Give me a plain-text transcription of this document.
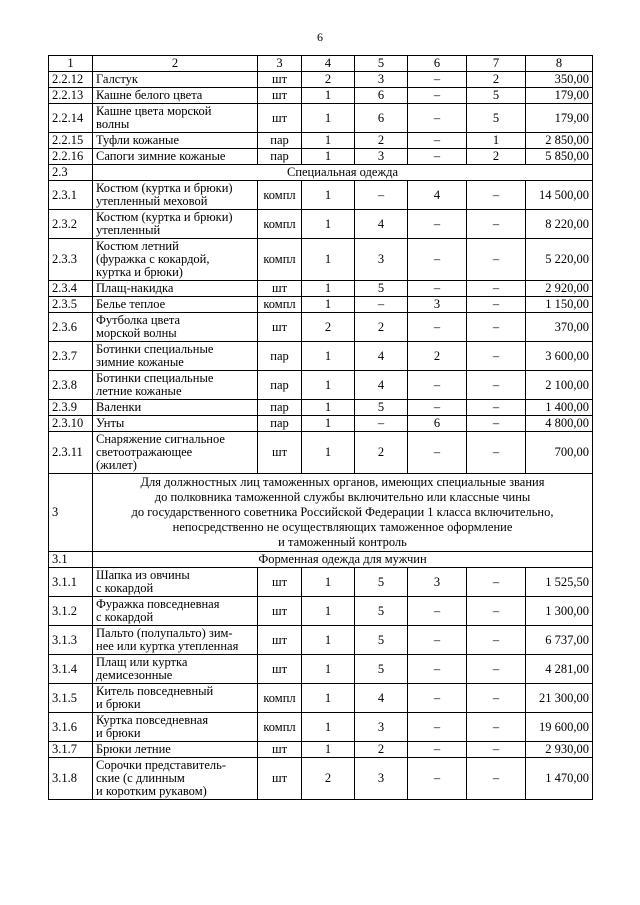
6
1	2	3	4	5	6	7	8
2.2.12	Галстук	шт	2	3	–	2	350,00
2.2.13	Кашне белого цвета	шт	1	6	–	5	179,00
2.2.14	Кашне цвета морской
волны	шт	1	6	–	5	179,00
2.2.15	Туфли кожаные	пар	1	2	–	1	2 850,00
2.2.16	Сапоги зимние кожаные	пар	1	3	–	2	5 850,00
2.3	Специальная одежда						
2.3.1	Костюм (куртка и брюки)
утепленный меховой	компл	1	–	4	–	14 500,00
2.3.2	Костюм (куртка и брюки)
утепленный	компл	1	4	–	–	8 220,00
2.3.3	Костюм летний
(фуражка с кокардой,
куртка и брюки)	компл	1	3	–	–	5 220,00
2.3.4	Плащ-накидка	шт	1	5	–	–	2 920,00
2.3.5	Белье теплое	компл	1	–	3	–	1 150,00
2.3.6	Футболка цвета
морской волны	шт	2	2	–	–	370,00
2.3.7	Ботинки специальные
зимние кожаные	пар	1	4	2	–	3 600,00
2.3.8	Ботинки специальные
летние кожаные	пар	1	4	–	–	2 100,00
2.3.9	Валенки	пар	1	5	–	–	1 400,00
2.3.10	Унты	пар	1	–	6	–	4 800,00
2.3.11	Снаряжение сигнальное
светоотражающее
(жилет)	шт	1	2	–	–	700,00
3	Для должностных лиц таможенных органов, имеющих специальные звания
до полковника таможенной службы включительно или классные чины
до государственного советника Российской Федерации 1 класса включительно,
непосредственно не осуществляющих таможенное оформление
и таможенный контроль						
3.1	Форменная одежда для мужчин						
3.1.1	Шапка из овчины
с кокардой	шт	1	5	3	–	1 525,50
3.1.2	Фуражка повседневная
с кокардой	шт	1	5	–	–	1 300,00
3.1.3	Пальто (полупальто) зим-
нее или куртка утепленная	шт	1	5	–	–	6 737,00
3.1.4	Плащ или куртка
демисезонные	шт	1	5	–	–	4 281,00
3.1.5	Китель повседневный
и брюки	компл	1	4	–	–	21 300,00
3.1.6	Куртка повседневная
и брюки	компл	1	3	–	–	19 600,00
3.1.7	Брюки летние	шт	1	2	–	–	2 930,00
3.1.8	Сорочки представитель-
ские (с длинным
и коротким рукавом)	шт	2	3	–	–	1 470,00
